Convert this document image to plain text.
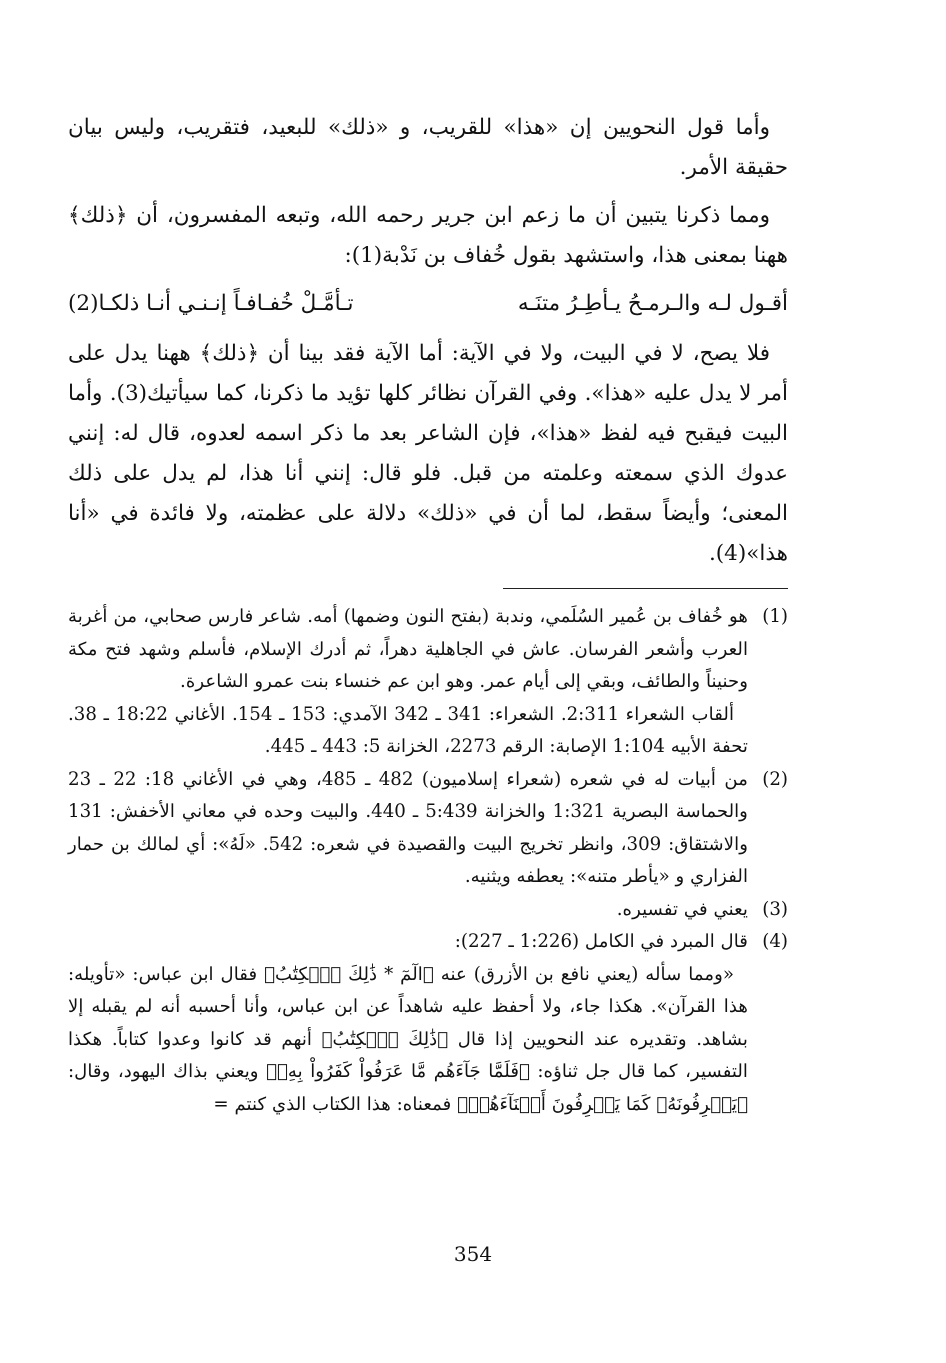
وأما قول النحويين إن «هذا» للقريب، و «ذلك» للبعيد، فتقريب، وليس بيان حقيقة الأمر.

ومما ذكرنا يتبين أن ما زعم ابن جرير رحمه الله، وتبعه المفسرون، أن ﴿ذلك﴾ ههنا بمعنى هذا، واستشهد بقول خُفاف بن نَدْبة(1):

أقـول لـه والـرمـحُ يـأطِـرُ متنَـه
تـأمَّـلْ خُفـافـاً إنـنـي أنـا ذلكـا(2)

فلا يصح، لا في البيت، ولا في الآية: أما الآية فقد بينا أن ﴿ذلك﴾ ههنا يدل على أمر لا يدل عليه «هذا». وفي القرآن نظائر كلها تؤيد ما ذكرنا، كما سيأتيك(3). وأما البيت فيقبح فيه لفظ «هذا»، فإن الشاعر بعد ما ذكر اسمه لعدوه، قال له: إنني عدوك الذي سمعته وعلمته من قبل. فلو قال: إنني أنا هذا، لم يدل على ذلك المعنى؛ وأيضاً سقط، لما أن في «ذلك» دلالة على عظمته، ولا فائدة في «أنا هذا»(4).

(1)

هو خُفاف بن عُمير السُلَمي، وندبة (بفتح النون وضمها) أمه. شاعر فارس صحابي، من أغربة العرب وأشعر الفرسان. عاش في الجاهلية دهراً، ثم أدرك الإسلام، فأسلم وشهد فتح مكة وحنيناً والطائف، وبقي إلى أيام عمر. وهو ابن عم خنساء بنت عمرو الشاعرة.

ألقاب الشعراء 2:311. الشعراء: 341 ـ 342 الآمدي: 153 ـ 154. الأغاني 18:22 ـ 38. تحفة الأبيه 1:104 الإصابة: الرقم 2273، الخزانة 5: 443 ـ 445.

(2)

من أبيات له في شعره (شعراء إسلاميون) 482 ـ 485، وهي في الأغاني 18: 22 ـ 23 والحماسة البصرية 1:321 والخزانة 5:439 ـ 440. والبيت وحده في معاني الأخفش: 131 والاشتقاق: 309، وانظر تخريج البيت والقصيدة في شعره: 542. «لَهُ»: أي لمالك بن حمار الفزاري و «يأطر متنه»: يعطفه ويثنيه.

(3)

يعني في تفسيره.

(4)

قال المبرد في الكامل (1:226 ـ 227):

«ومما سأله (يعني نافع بن الأزرق) عنه ﴿الٓمٓ * ذَٰلِكَ ٱلۡكِتَٰبُ﴾ فقال ابن عباس: «تأويله: هذا القرآن». هكذا جاء، ولا أحفظ عليه شاهداً عن ابن عباس، وأنا أحسبه أنه لم يقبله إلا بشاهد. وتقديره عند النحويين إذا قال ﴿ذَٰلِكَ ٱلۡكِتَٰبُ﴾ أنهم قد كانوا وعدوا كتاباً. هكذا التفسير، كما قال جل ثناؤه: ﴿فَلَمَّا جَآءَهُم مَّا عَرَفُواْ كَفَرُواْ بِهِۦ﴾ ويعني بذاك اليهود، وقال: ﴿يَعۡرِفُونَهُۥ كَمَا يَعۡرِفُونَ أَبۡنَآءَهُمۡ﴾ فمعناه: هذا الكتاب الذي كنتم =

354
